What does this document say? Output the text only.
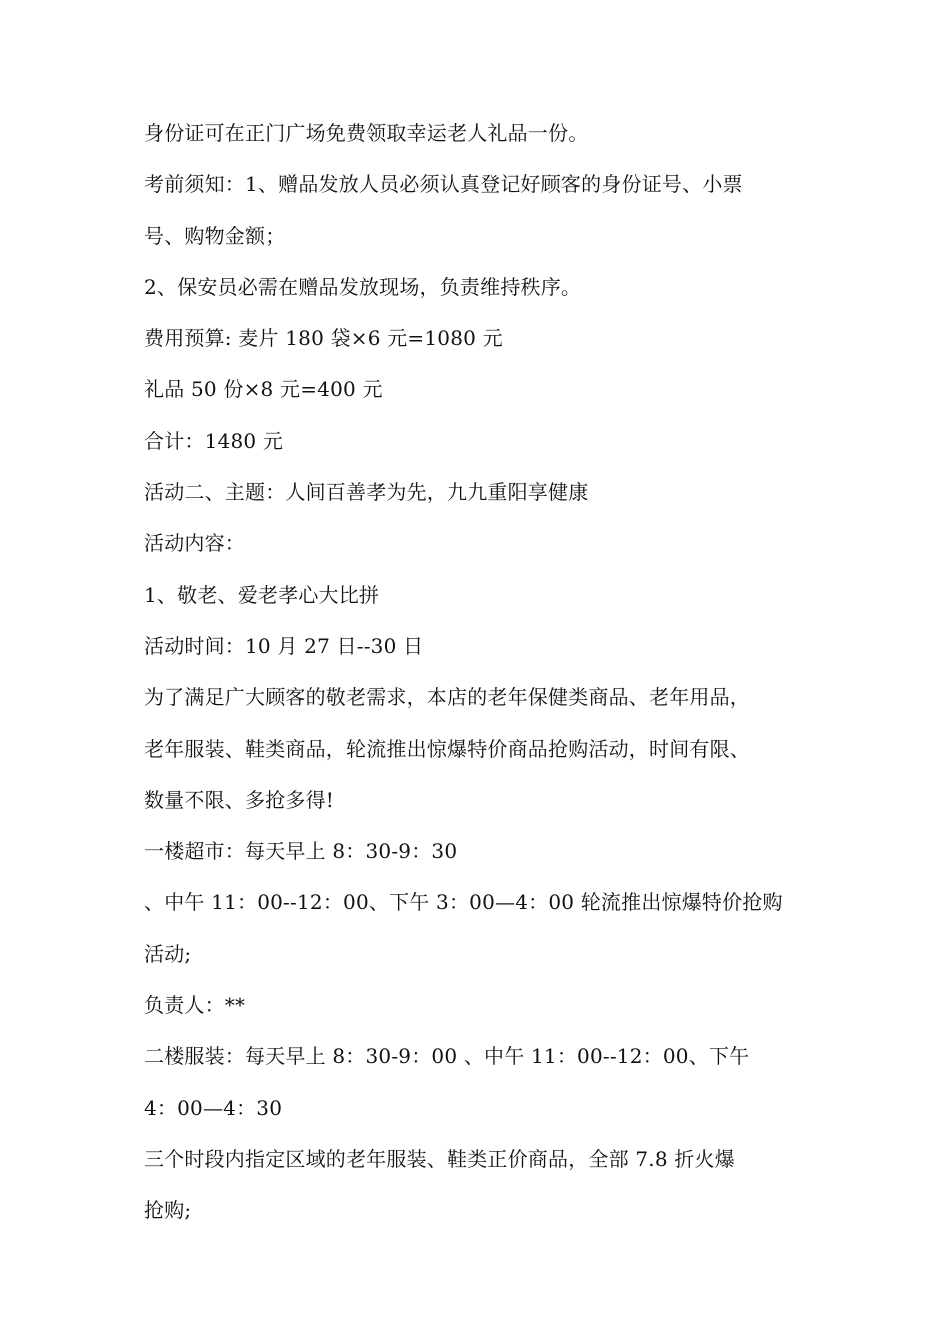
身份证可在正门广场免费领取幸运老人礼品一份。
考前须知：1、赠品发放人员必须认真登记好顾客的身份证号、小票
号、购物金额；
2、保安员必需在赠品发放现场，负责维持秩序。
费用预算: 麦片 180 袋×6 元=1080 元
礼品 50 份×8 元=400 元
合计：1480 元
活动二、主题：人间百善孝为先，九九重阳享健康
活动内容：
1、敬老、爱老孝心大比拼
活动时间：10 月 27 日--30 日
为了满足广大顾客的敬老需求，本店的老年保健类商品、老年用品，
老年服装、鞋类商品，轮流推出惊爆特价商品抢购活动，时间有限、
数量不限、多抢多得!
一楼超市：每天早上 8：30-9：30
、中午 11：00--12：00、下午 3：00—4：00 轮流推出惊爆特价抢购
活动;
负责人：**
二楼服装：每天早上 8：30-9：00 、中午 11：00--12：00、下午
4：00—4：30
三个时段内指定区域的老年服装、鞋类正价商品，全部 7.8 折火爆
抢购;
